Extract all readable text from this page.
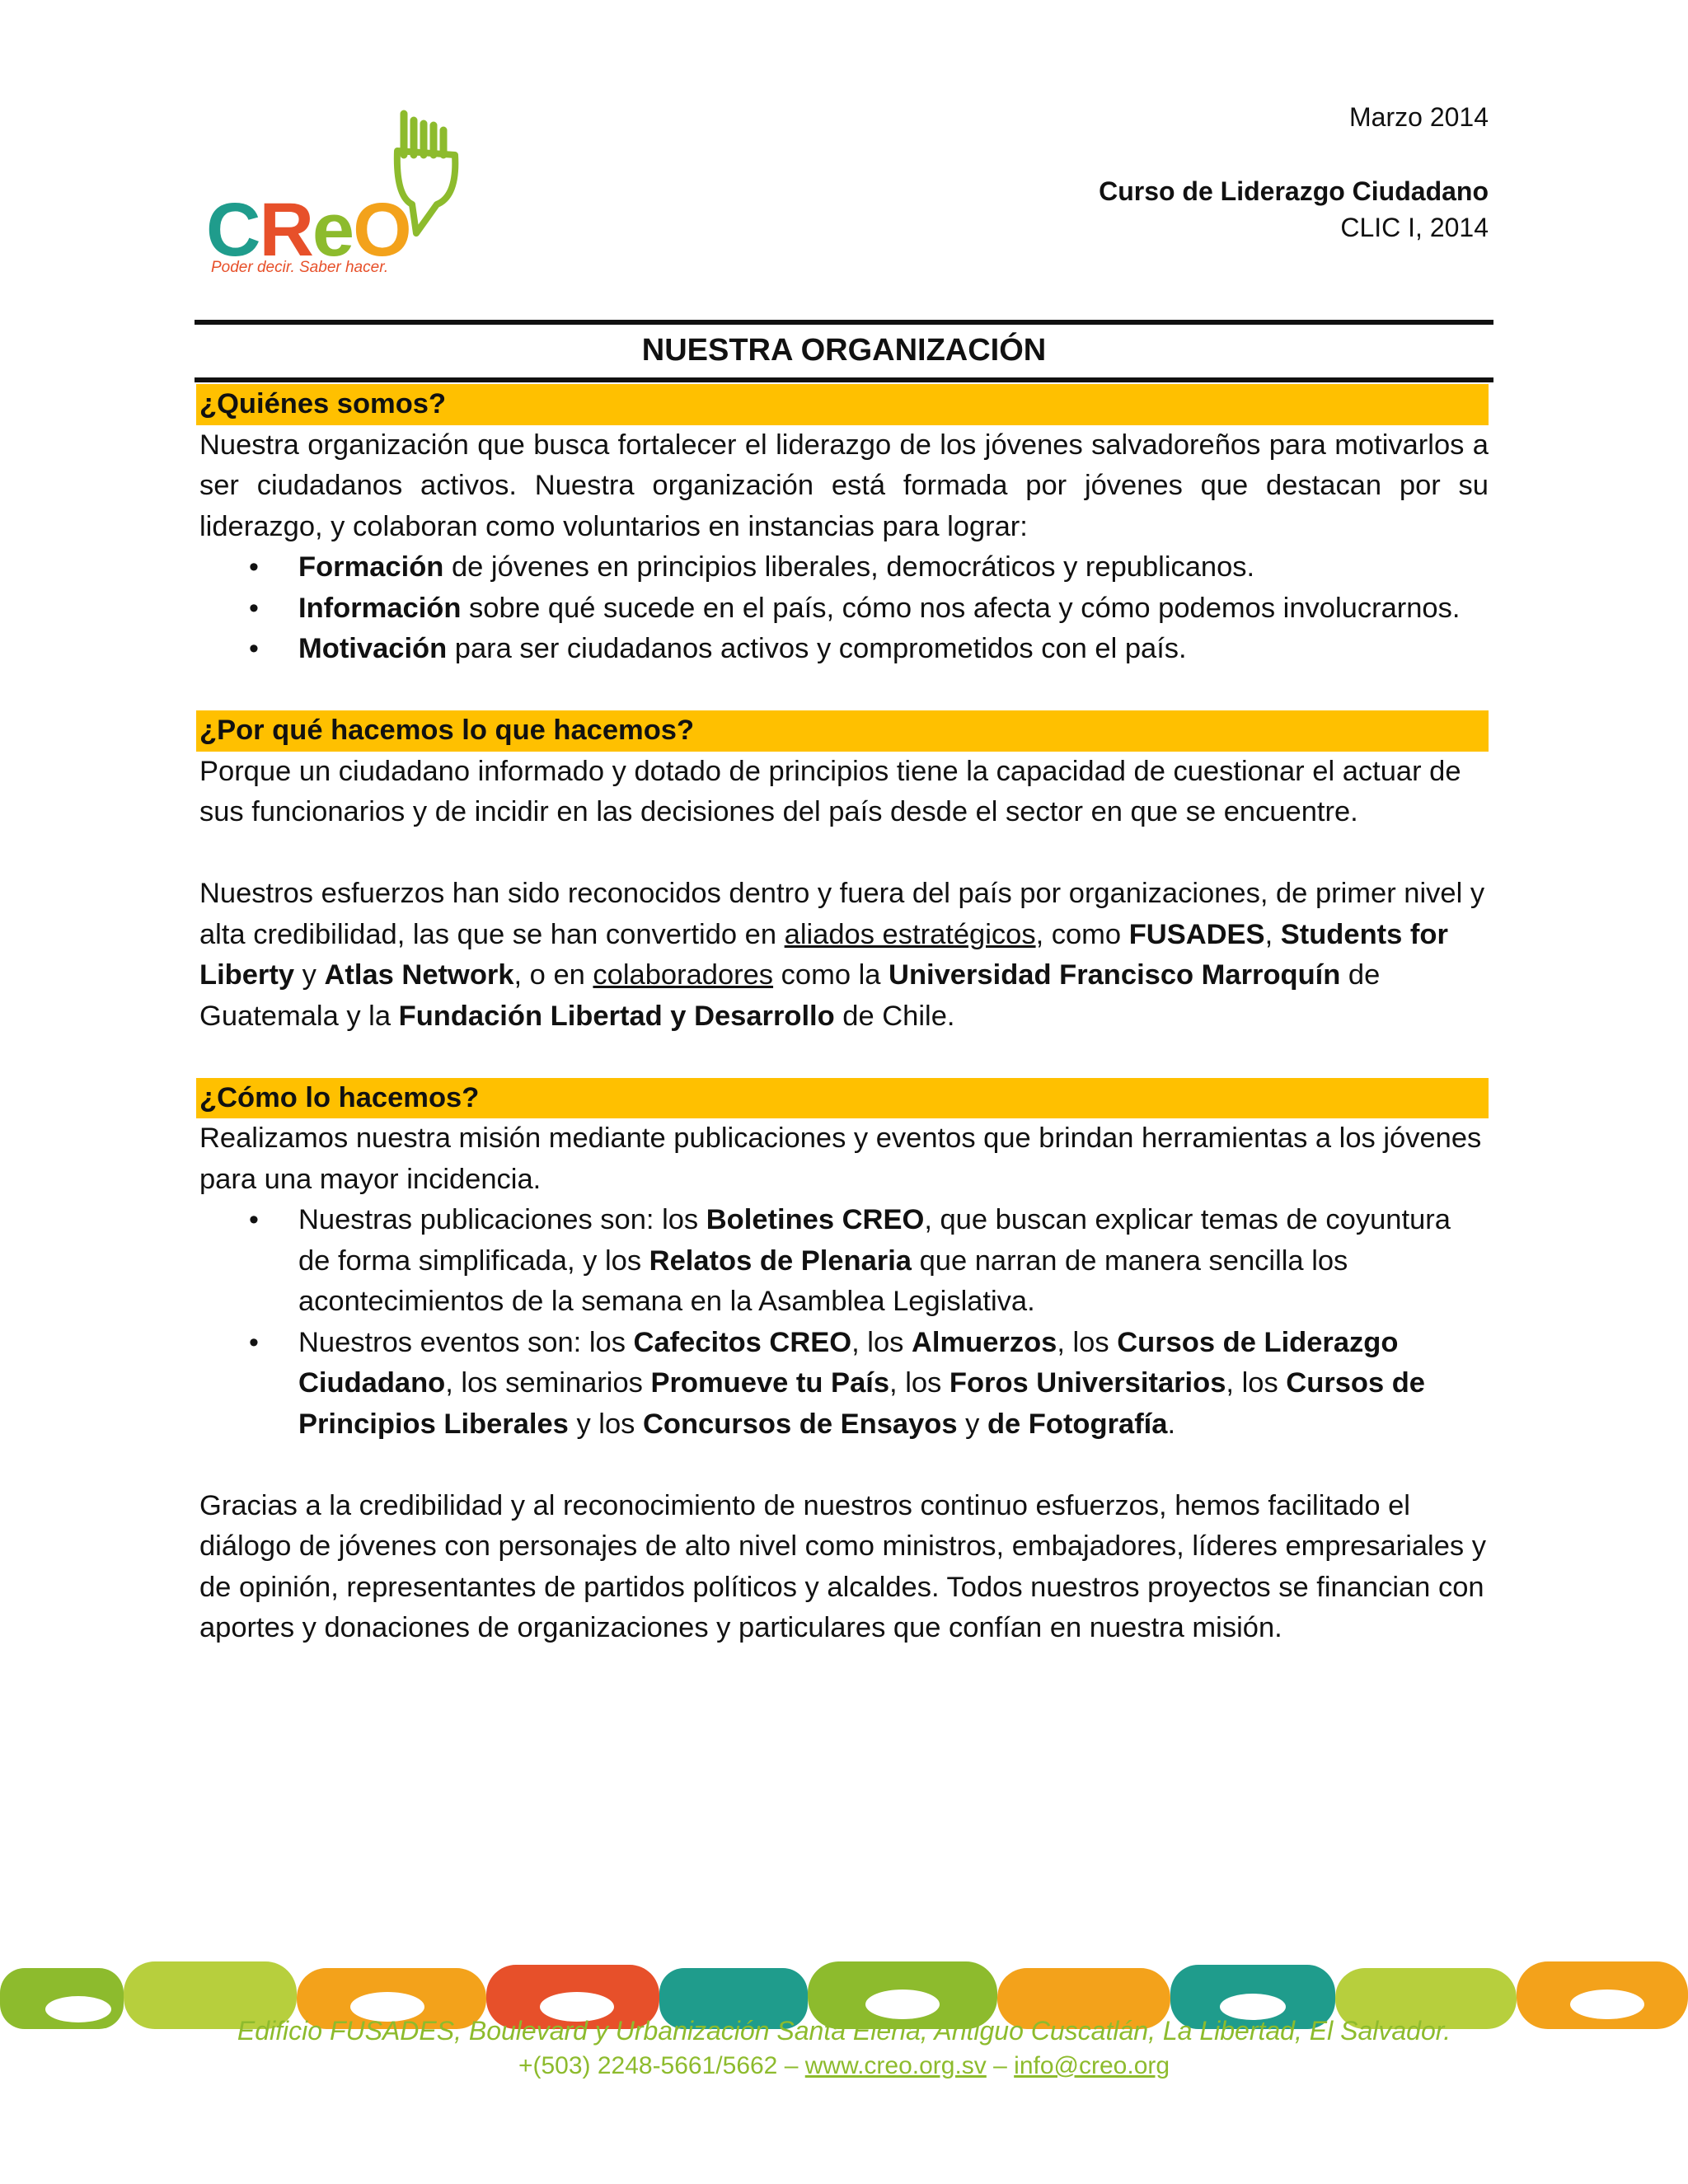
CReO
Poder decir. Saber hacer.
Marzo 2014
Curso de Liderazgo Ciudadano
CLIC I, 2014
NUESTRA ORGANIZACIÓN
¿Quiénes somos?

Nuestra organización que busca fortalecer el liderazgo de los jóvenes salvadoreños para motivarlos a ser ciudadanos activos. Nuestra organización está formada por jóvenes que destacan por su liderazgo, y colaboran como voluntarios en instancias para lograr:

• Formación de jóvenes en principios liberales, democráticos y republicanos.
• Información sobre qué sucede en el país, cómo nos afecta y cómo podemos involucrarnos.
• Motivación para ser ciudadanos activos y comprometidos con el país.
¿Por qué hacemos lo que hacemos?

Porque un ciudadano informado y dotado de principios tiene la capacidad de cuestionar el actuar de sus funcionarios y de incidir en las decisiones del país desde el sector en que se encuentre.

Nuestros esfuerzos han sido reconocidos dentro y fuera del país por organizaciones, de primer nivel y alta credibilidad, las que se han convertido en aliados estratégicos, como FUSADES, Students for Liberty y Atlas Network, o en colaboradores como la Universidad Francisco Marroquín de Guatemala y la Fundación Libertad y Desarrollo de Chile.

¿Cómo lo hacemos?

Realizamos nuestra misión mediante publicaciones y eventos que brindan herramientas a los jóvenes para una mayor incidencia.

• Nuestras publicaciones son: los Boletines CREO, que buscan explicar temas de coyuntura de forma simplificada, y los Relatos de Plenaria que narran de manera sencilla los acontecimientos de la semana en la Asamblea Legislativa.
• Nuestros eventos son: los Cafecitos CREO, los Almuerzos, los Cursos de Liderazgo Ciudadano, los seminarios Promueve tu País, los Foros Universitarios, los Cursos de Principios Liberales y los Concursos de Ensayos y de Fotografía.

Gracias a la credibilidad y al reconocimiento de nuestros continuo esfuerzos, hemos facilitado el diálogo de jóvenes con personajes de alto nivel como ministros, embajadores, líderes empresariales y de opinión, representantes de partidos políticos y alcaldes. Todos nuestros proyectos se financian con aportes y donaciones de organizaciones y particulares que confían en nuestra misión.

Edificio FUSADES, Boulevard y Urbanización Santa Elena, Antiguo Cuscatlán, La Libertad, El Salvador.
+(503) 2248-5661/5662 – www.creo.org.sv – info@creo.org
